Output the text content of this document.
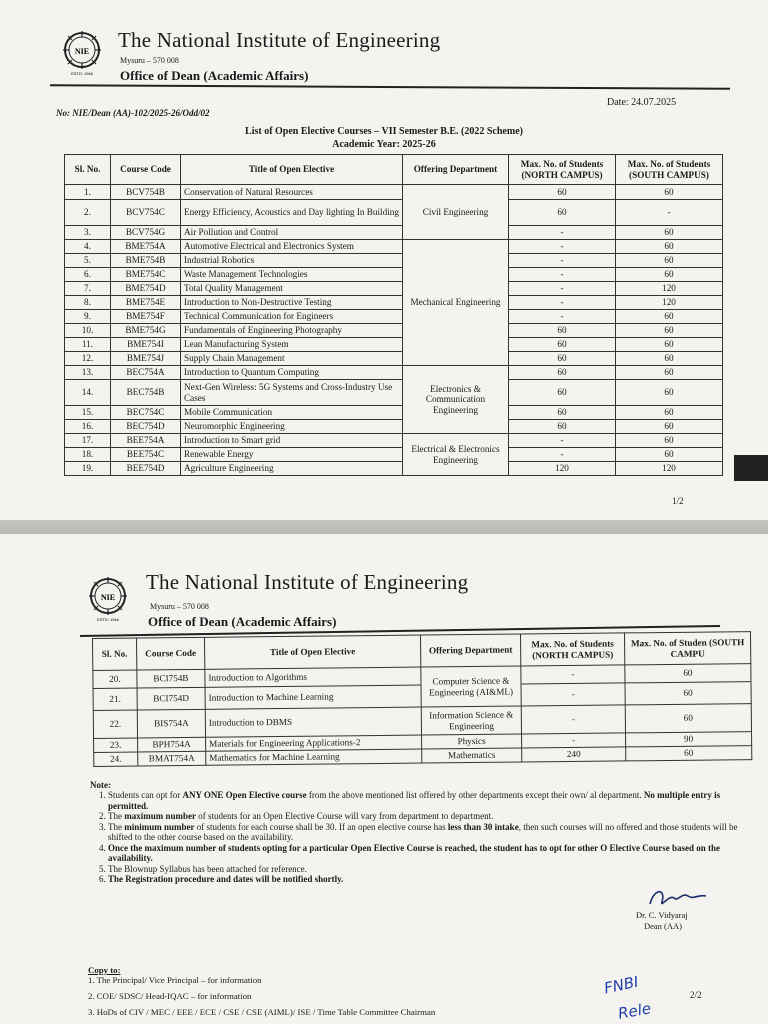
NIE
ESTD: 1946
The National Institute of Engineering
Mysuru – 570 008
Office of Dean (Academic Affairs)
No: NIE/Dean (AA)-102/2025-26/Odd/02
Date: 24.07.2025
List of Open Elective Courses – VII Semester B.E. (2022 Scheme)
Academic Year: 2025-26
Sl. No.	Course Code	Title of Open Elective	Offering Department	Max. No. of Students (NORTH CAMPUS)	Max. No. of Students (SOUTH CAMPUS)
1.	BCV754B	Conservation of Natural Resources	Civil Engineering	60	60
2.	BCV754C	Energy Efficiency, Acoustics and Day lighting In Building		60	-
3.	BCV754G	Air Pollution and Control		-	60
4.	BME754A	Automotive Electrical and Electronics System	Mechanical Engineering	-	60
5.	BME754B	Industrial Robotics		-	60
6.	BME754C	Waste Management Technologies		-	60
7.	BME754D	Total Quality Management		-	120
8.	BME754E	Introduction to Non-Destructive Testing		-	120
9.	BME754F	Technical Communication for Engineers		-	60
10.	BME754G	Fundamentals of Engineering Photography		60	60
11.	BME754I	Lean Manufacturing System		60	60
12.	BME754J	Supply Chain Management		60	60
13.	BEC754A	Introduction to Quantum Computing	Electronics & Communication Engineering	60	60
14.	BEC754B	Next-Gen Wireless: 5G Systems and Cross-Industry Use Cases		60	60
15.	BEC754C	Mobile Communication		60	60
16.	BEC754D	Neuromorphic Engineering		60	60
17.	BEE754A	Introduction to Smart grid	Electrical & Electronics Engineering	-	60
18.	BEE754C	Renewable Energy		-	60
19.	BEE754D	Agriculture Engineering		120	120
1/2
NIE
ESTD: 1946
The National Institute of Engineering
Mysuru – 570 008
Office of Dean (Academic Affairs)
Sl. No.	Course Code	Title of Open Elective	Offering Department	Max. No. of Students (NORTH CAMPUS)	Max. No. of Studen (SOUTH CAMPU
20.	BCI754B	Introduction to Algorithms	Computer Science & Engineering (AI&ML)	-	60
21.	BCI754D	Introduction to Machine Learning		-	60
22.	BIS754A	Introduction to DBMS	Information Science & Engineering	-	60
23.	BPH754A	Materials for Engineering Applications-2	Physics	-	90
24.	BMAT754A	Mathematics for Machine Learning	Mathematics	240	60
Note:
1. Students can opt for ANY ONE Open Elective course from the above mentioned list offered by other departments except their own/ al department. No multiple entry is permitted.
2. The maximum number of students for an Open Elective Course will vary from department to department.
3. The minimum number of students for each course shall be 30. If an open elective course has less than 30 intake, then such courses will no offered and those students will be shifted to the other course based on the availability.
4. Once the maximum number of students opting for a particular Open Elective Course is reached, the student has to opt for other O Elective Course based on the availability.
5. The Blownup Syllabus has been attached for reference.
6. The Registration procedure and dates will be notified shortly.
Dr. C. Vidyaraj
Dean (AA)
Copy to:
1. The Principal/ Vice Principal – for information
2. COE/ SDSC/ Head-IQAC – for information
3. HoDs of CIV / MEC / EEE / ECE / CSE / CSE (AIML)/ ISE / Time Table Committee Chairman
2/2
FNBI
Rele
